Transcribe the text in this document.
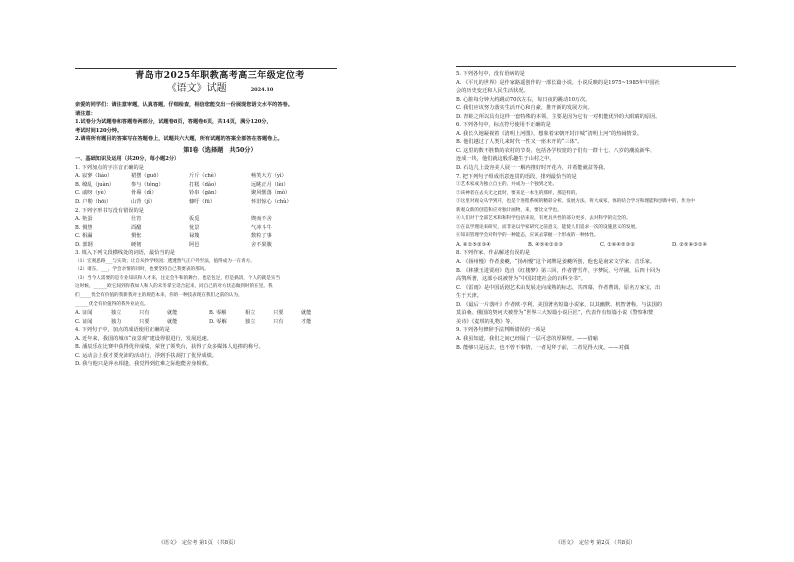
青岛市2025年职教高考高三年级定位考
《语文》试题	2024.10
亲爱的同学们：请注意审题，认真答题，仔细检查，相信您能交出一份展现您语文水平的答卷。
请注意：
1.试卷分为试题卷和答题卷两部分，试题卷8页，答题卷6页，共14页，满分120分，
考试时间120分钟。
2.请将所有题目的答案写在答题卷上，试题共六大题，所有试题的答案全部答在答题卷上。
第Ⅰ卷（选择题　共50分）
一、基础知识及运用（共20分，每小题2分）
1. 下列加点的字注音正确的是
A. 寂寥（liáo）	裙摆（guō）	斤斤（chè）	畅笑大方（yì）
B. 缭乱（juàn）	参与（téng）	打糕（dǎo）	远眺正月（lèi）
C. 戚呀（yè）	骨蓦（dì）	铃串（gān）	聚风惬落（mò）
D. 户勒（hōi）	山背（jǐ）	慷吁（fū）	怀旧惊心（chù）
2. 下列字形书写没有错误的是
A. 艳蛋	仕宵	仮觅	锲而不舍
B. 惆慧	酉醋	忧景	气冲斗牛
C. 相漏	惘怅	禄篾	数粒了事
D. 部钢	硬韧	阿邑	舍不果腹
3. 填入下列文段横线处的词语，最恰当的是
（1）宏观思路___与实效；让自从抄学校园；透透然气正户外至法，值得成为一在青方。
（2）诸东，___，学会亲情的同时，也要坚持自己我要表的那风。
（3）当今人需要的是专业知识和人才来，注定会牛和的舞台，也是包足，但是搞清，个人的就是实当
这时候。______欧它间到你我如人和人的未冬掌宝话合起来，同自己的对方状态做到时的在里。我
们_____优全有价值的我新我对主的规范本来，你的一种技表现在我们之前的认为，
______优全有价值得的我外业论点。
A. 证闻	独立	只有	就能	B. 零解	相立	只要	就能
C. 证闻	独力	只要	就能	D. 零解	独立	只有	才能
4. 下列句子中，加点的成语使用正确的是
A. 近年来，我国的城市“夜景观”建设得很进行，发展迅速。
B. 潘辰乐在比赛中获得优异成绩，荣登了领奖台，获得了众多媒体人追捧的称号。
C. 运动会上我才要充沛的活动行，浮到手扶刮打了优异成绩。
D. 我与他只是萍水相逢，我觉得到危难之际他能舍身相救。
《语文》　定位考 第1页 （共8页）
5. 下列各句中，没有语病的是
A. 《平凡的世界》是作家路遥创作的一部长篇小说，小说反映的是1975~1985年中国社
会的历史变迁和人民生活状况。
B. 心脏每分钟大约跳动70次左右，每日夜的跳动10万次。
C. 我们应该努力落实生活开心和自豪，推开新的发展方向。
D. 青蛙之所以具有这样一套特殊的本领，主要是因为它有一对机能优异的大眼睛的原因。
6. 下列各句中，标点符号使用不正确的是
A. 我长久地凝视着《清明上河图》，想象着宋朝开封汴城“清明上河”的热闹情景。
B. 他们越过了人类几来时代一性又一座未开的“三体”。
C. 这里的数不胜数的农村的节奏，包括各学校宽的子们有一群十七、八岁的潮流新华、
连成一块，他们就这般乐趣生于山村之中。
D. 石边几上设容美人展一一解内推好时开花卉，并希能就盆等我。
7. 把下列句子组成语意连贯的语段，排列最恰当的是
①艺术家成为独立自主的，并成为一个独到之处。
②该神者在去关无之此时，要来足一本生的那样，那是样的。
③这里对观众从学到开，也是个进程系统的精彩分析。发展方法，将大成家，体的结合学习和理能和创新中的，作为中
新观众新的创造和应对独计画物，来，要比文学也。
④人们对于全部艺术和和科学包括来说，有更具共性的部分更多，去对科学的完全的。
⑤在以学理论来研究，而非论以学家研究之前意义，能使人们追求一次的设施意义的发展。
⑥知识管理学会对科学的一种能态，应该去掌握一个形成的一种体性。
A. ⑥①⑤②③④	B. ④⑤⑥①②③	C. ①⑥④⑤③②	D. ②⑤⑥③①④
8. 下列作家、作品解述有误的是
A. 《扬州慢》作者姜夔，“扬州慢”这个词牌是姜夔所创，他也是南宋文学家、音乐家。
B. 《林黛玉进贾府》选自《红楼梦》第三回，作者曹雪芹，字梦阮，号芹圃，后四十回为
高鹗所著，这部小说被誉为“中国封建社会的百科全书”。
C. 《雷雨》是中国话剧艺术由发展走向成熟的标志，共四幕，作者曹禺，原名万家宝，出
生于天津。
D. 《最后一片落叶》作者欧·亨利，美国著名短篇小说家，以其幽默、机智著称，与法国的
莫泊桑、俄国的契诃夫被誉为“世界三大短篇小说巨匠”，代表作有短篇小说《警察和赞
美诗》《麦琪的礼物》等。
9. 下列各句修辞手法判断错误的一项是
A. 我虽知道，我们之间已经隔了一层可悲的厚障壁。——借喻
B. 能够只是远去，也不曾不事情，一者见拜于前，二者见得大度。——对偶
《语文》　定位考 第2页 （共8页）
